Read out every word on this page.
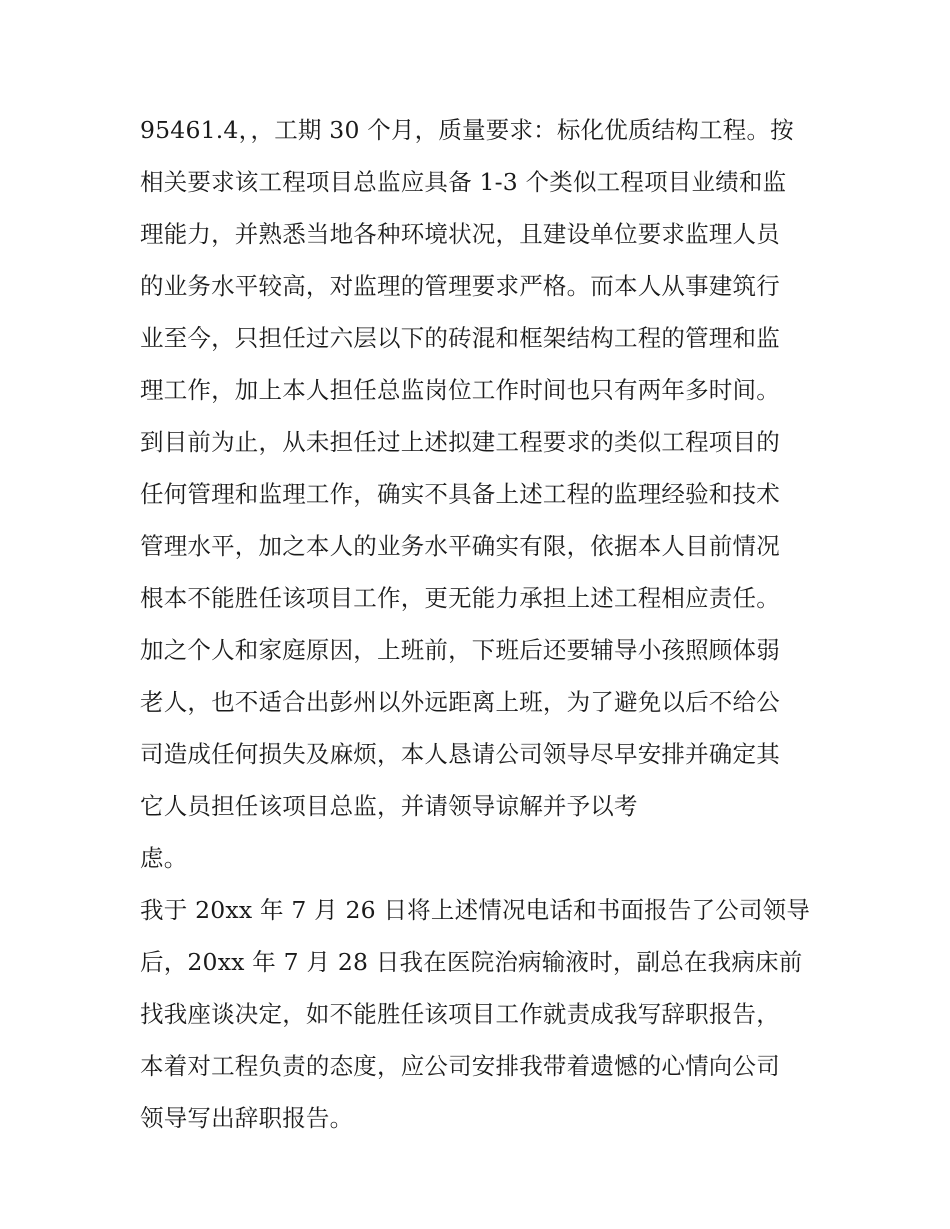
95461.4，，工期 30 个月，质量要求：标化优质结构工程。按
相关要求该工程项目总监应具备 1-3 个类似工程项目业绩和监
理能力，并熟悉当地各种环境状况，且建设单位要求监理人员
的业务水平较高，对监理的管理要求严格。而本人从事建筑行
业至今，只担任过六层以下的砖混和框架结构工程的管理和监
理工作，加上本人担任总监岗位工作时间也只有两年多时间。
到目前为止，从未担任过上述拟建工程要求的类似工程项目的
任何管理和监理工作，确实不具备上述工程的监理经验和技术
管理水平，加之本人的业务水平确实有限，依据本人目前情况
根本不能胜任该项目工作，更无能力承担上述工程相应责任。
加之个人和家庭原因，上班前，下班后还要辅导小孩照顾体弱
老人，也不适合出彭州以外远距离上班，为了避免以后不给公
司造成任何损失及麻烦，本人恳请公司领导尽早安排并确定其
它人员担任该项目总监，并请领导谅解并予以考
虑。
我于 20xx 年 7 月 26 日将上述情况电话和书面报告了公司领导
后，20xx 年 7 月 28 日我在医院治病输液时，副总在我病床前
找我座谈决定，如不能胜任该项目工作就责成我写辞职报告，
本着对工程负责的态度，应公司安排我带着遗憾的心情向公司
领导写出辞职报告。
